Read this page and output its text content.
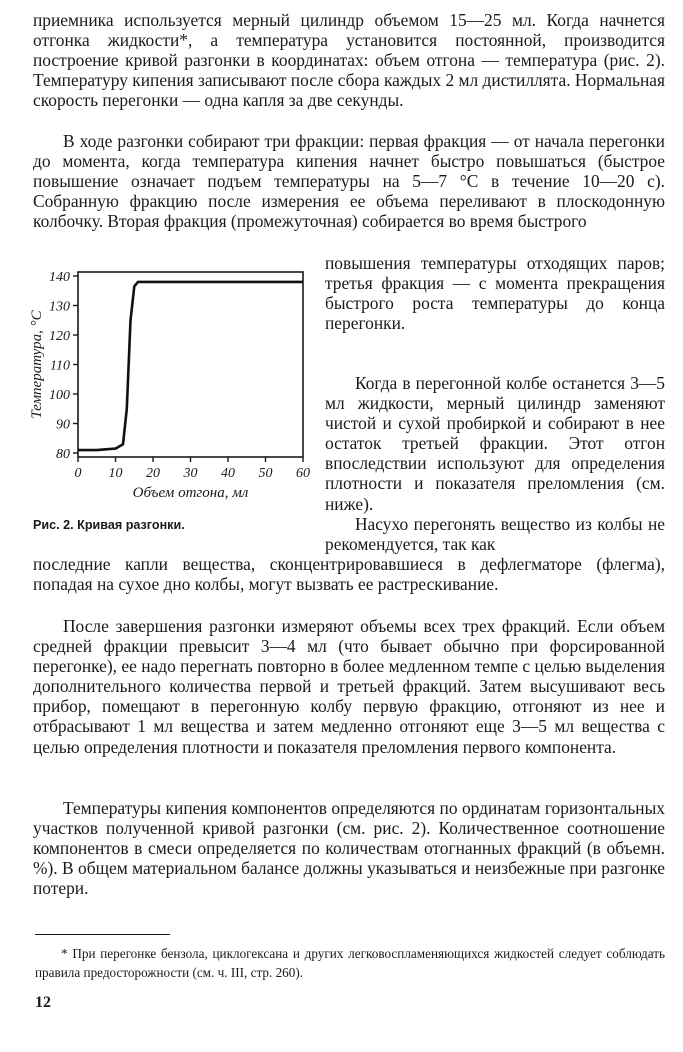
приемника используется мерный цилиндр объемом 15—25 мл. Когда начнется отгонка жидкости*, а температура установится постоянной, производится построение кривой разгонки в координатах: объем отгона — температура (рис. 2). Температуру кипения записывают после сбора каждых 2 мл дистиллята. Нормальная скорость перегонки — одна капля за две секунды.

В ходе разгонки собирают три фракции: первая фракция — от начала перегонки до момента, когда температура кипения начнет быстро повышаться (быстрое повышение означает подъем температуры на 5—7 °С в течение 10—20 с). Собранную фракцию после измерения ее объема переливают в плоскодонную колбочку. Вторая фракция (промежуточная) собирается во время быстрого

0 10 20 30 40 50 60
80
90
100
110
120
130
140
Объем отгона, мл
Температура, °С
Рис. 2. Кривая разгонки.

повышения температуры отходящих паров; третья фракция — с момента прекращения быстрого роста температуры до конца перегонки.

Когда в перегонной колбе останется 3—5 мл жидкости, мерный цилиндр заменяют чистой и сухой пробиркой и собирают в нее остаток третьей фракции. Этот отгон впоследствии используют для определения плотности и показателя преломления (см. ниже).

Насухо перегонять вещество из колбы не рекомендуется, так как

последние капли вещества, сконцентрировавшиеся в дефлегматоре (флегма), попадая на сухое дно колбы, могут вызвать ее растрескивание.

После завершения разгонки измеряют объемы всех трех фракций. Если объем средней фракции превысит 3—4 мл (что бывает обычно при форсированной перегонке), ее надо перегнать повторно в более медленном темпе с целью выделения дополнительного количества первой и третьей фракций. Затем высушивают весь прибор, помещают в перегонную колбу первую фракцию, отгоняют из нее и отбрасывают 1 мл вещества и затем медленно отгоняют еще 3—5 мл вещества с целью определения плотности и показателя преломления первого компонента.

Температуры кипения компонентов определяются по ординатам горизонтальных участков полученной кривой разгонки (см. рис. 2). Количественное соотношение компонентов в смеси определяется по количествам отогнанных фракций (в объемн. %). В общем материальном балансе должны указываться и неизбежные при разгонке потери.

* При перегонке бензола, циклогексана и других легковоспламеняющихся жидкостей следует соблюдать правила предосторожности (см. ч. III, стр. 260).

12
